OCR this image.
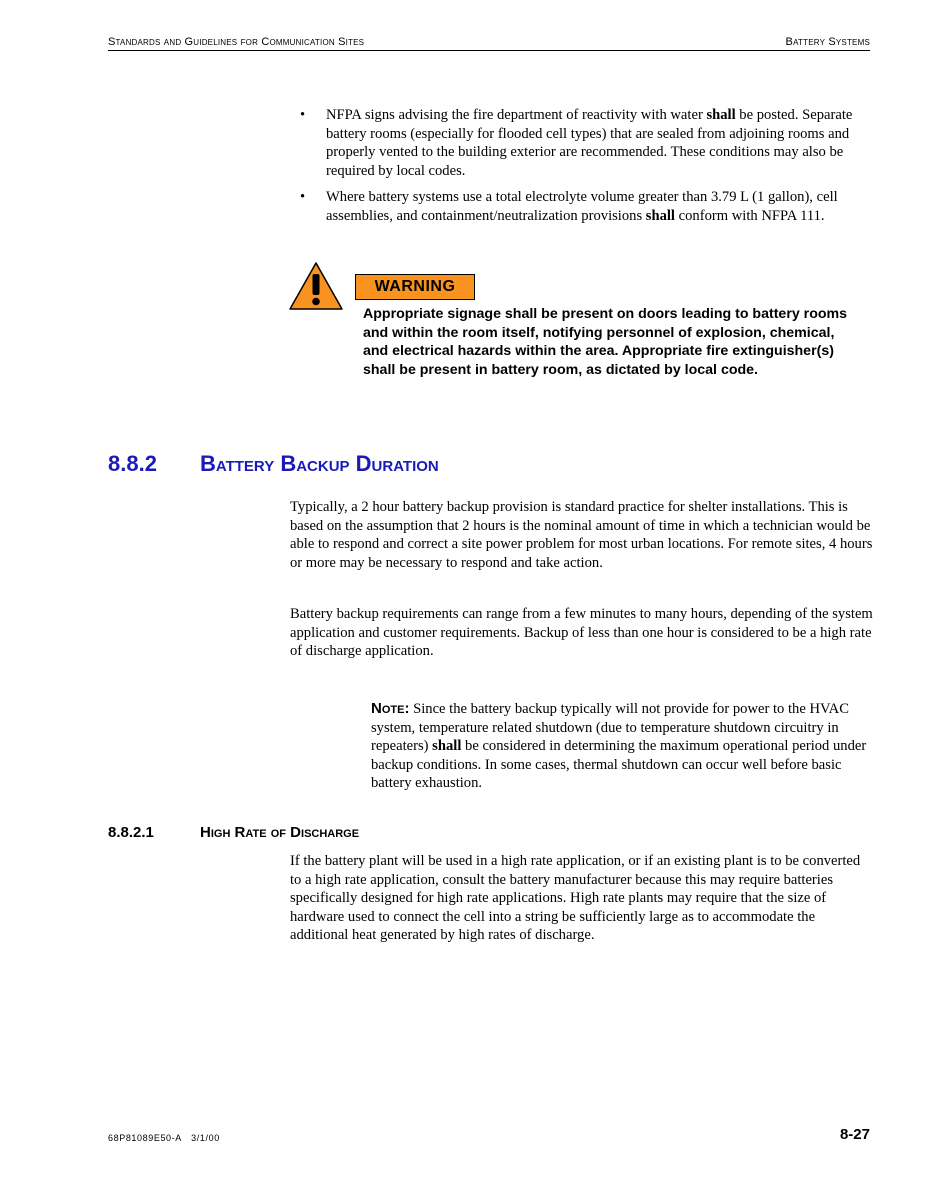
Standards and Guidelines for Communication Sites	Battery Systems
• NFPA signs advising the fire department of reactivity with water shall be posted. Separate battery rooms (especially for flooded cell types) that are sealed from adjoining rooms and properly vented to the building exterior are recommended. These conditions may also be required by local codes.
• Where battery systems use a total electrolyte volume greater than 3.79 L (1 gallon), cell assemblies, and containment/neutralization provisions shall conform with NFPA 111.
WARNING
Appropriate signage shall be present on doors leading to battery rooms and within the room itself, notifying personnel of explosion, chemical, and electrical hazards within the area. Appropriate fire extinguisher(s) shall be present in battery room, as dictated by local code.
8.8.2 Battery Backup Duration

Typically, a 2 hour battery backup provision is standard practice for shelter installations. This is based on the assumption that 2 hours is the nominal amount of time in which a technician would be able to respond and correct a site power problem for most urban locations. For remote sites, 4 hours or more may be necessary to respond and take action.

Battery backup requirements can range from a few minutes to many hours, depending of the system application and customer requirements. Backup of less than one hour is considered to be a high rate of discharge application.

Note: Since the battery backup typically will not provide for power to the HVAC system, temperature related shutdown (due to temperature shutdown circuitry in repeaters) shall be considered in determining the maximum operational period under backup conditions. In some cases, thermal shutdown can occur well before basic battery exhaustion.

8.8.2.1	High Rate of Discharge

If the battery plant will be used in a high rate application, or if an existing plant is to be converted to a high rate application, consult the battery manufacturer because this may require batteries specifically designed for high rate applications. High rate plants may require that the size of hardware used to connect the cell into a string be sufficiently large as to accommodate the additional heat generated by high rates of discharge.

68P81089E50-A 3/1/00	8-27
